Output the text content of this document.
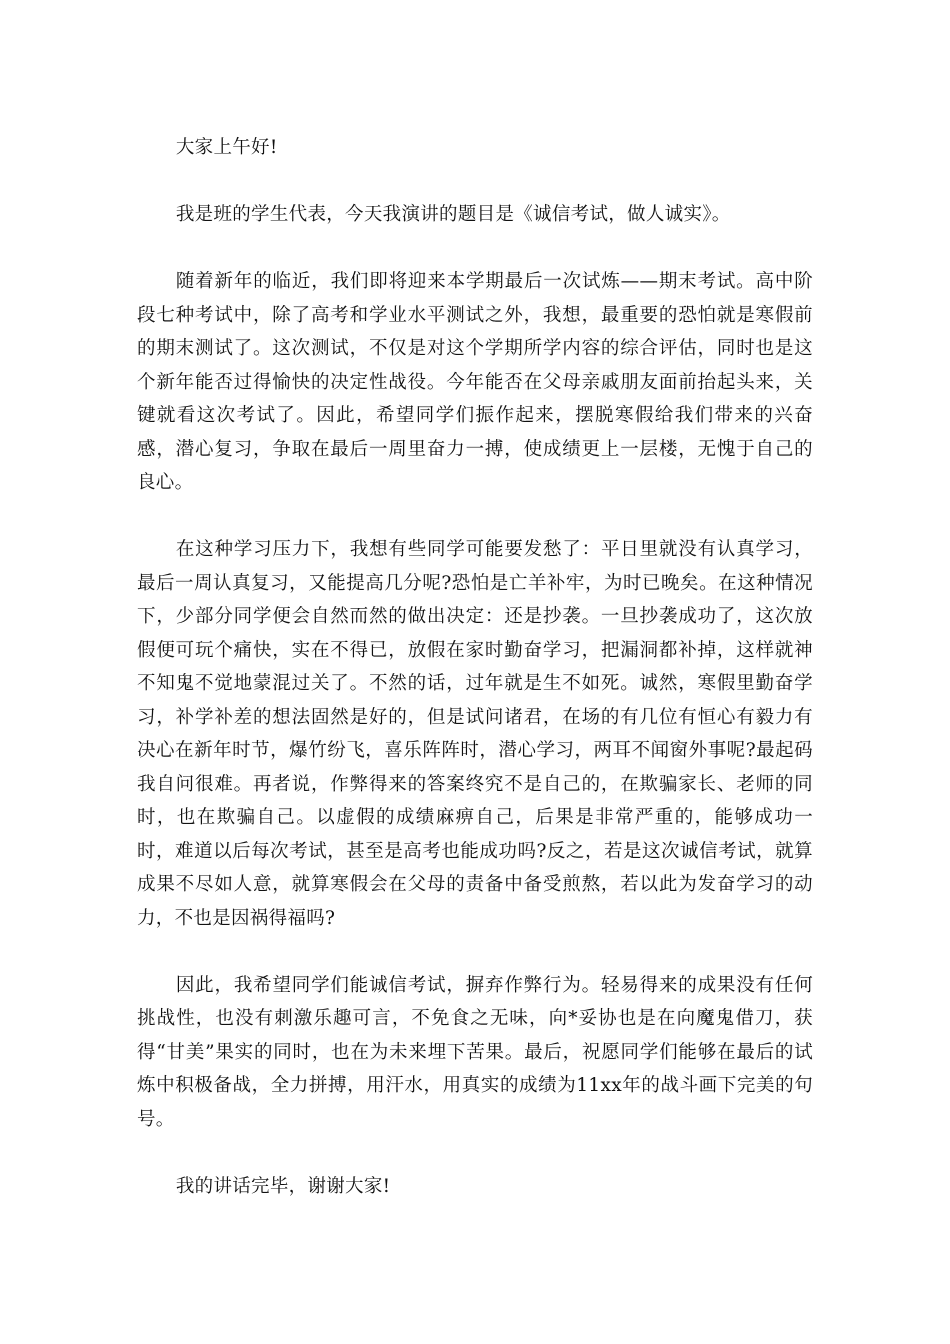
大家上午好!

我是班的学生代表，今天我演讲的题目是《诚信考试，做人诚实》。

随着新年的临近，我们即将迎来本学期最后一次试炼——期末考试。高中阶段七种考试中，除了高考和学业水平测试之外，我想，最重要的恐怕就是寒假前的期末测试了。这次测试，不仅是对这个学期所学内容的综合评估，同时也是这个新年能否过得愉快的决定性战役。今年能否在父母亲戚朋友面前抬起头来，关键就看这次考试了。因此，希望同学们振作起来，摆脱寒假给我们带来的兴奋感，潜心复习，争取在最后一周里奋力一搏，使成绩更上一层楼，无愧于自己的良心。

在这种学习压力下，我想有些同学可能要发愁了：平日里就没有认真学习，最后一周认真复习，又能提高几分呢?恐怕是亡羊补牢，为时已晚矣。在这种情况下，少部分同学便会自然而然的做出决定：还是抄袭。一旦抄袭成功了，这次放假便可玩个痛快，实在不得已，放假在家时勤奋学习，把漏洞都补掉，这样就神不知鬼不觉地蒙混过关了。不然的话，过年就是生不如死。诚然，寒假里勤奋学习，补学补差的想法固然是好的，但是试问诸君，在场的有几位有恒心有毅力有决心在新年时节，爆竹纷飞，喜乐阵阵时，潜心学习，两耳不闻窗外事呢?最起码我自问很难。再者说，作弊得来的答案终究不是自己的，在欺骗家长、老师的同时，也在欺骗自己。以虚假的成绩麻痹自己，后果是非常严重的，能够成功一时，难道以后每次考试，甚至是高考也能成功吗?反之，若是这次诚信考试，就算成果不尽如人意，就算寒假会在父母的责备中备受煎熬，若以此为发奋学习的动力，不也是因祸得福吗?

因此，我希望同学们能诚信考试，摒弃作弊行为。轻易得来的成果没有任何挑战性，也没有刺激乐趣可言，不免食之无味，向*妥协也是在向魔鬼借刀，获得“甘美”果实的同时，也在为未来埋下苦果。最后，祝愿同学们能够在最后的试炼中积极备战，全力拼搏，用汗水，用真实的成绩为11xx年的战斗画下完美的句号。

我的讲话完毕，谢谢大家!
